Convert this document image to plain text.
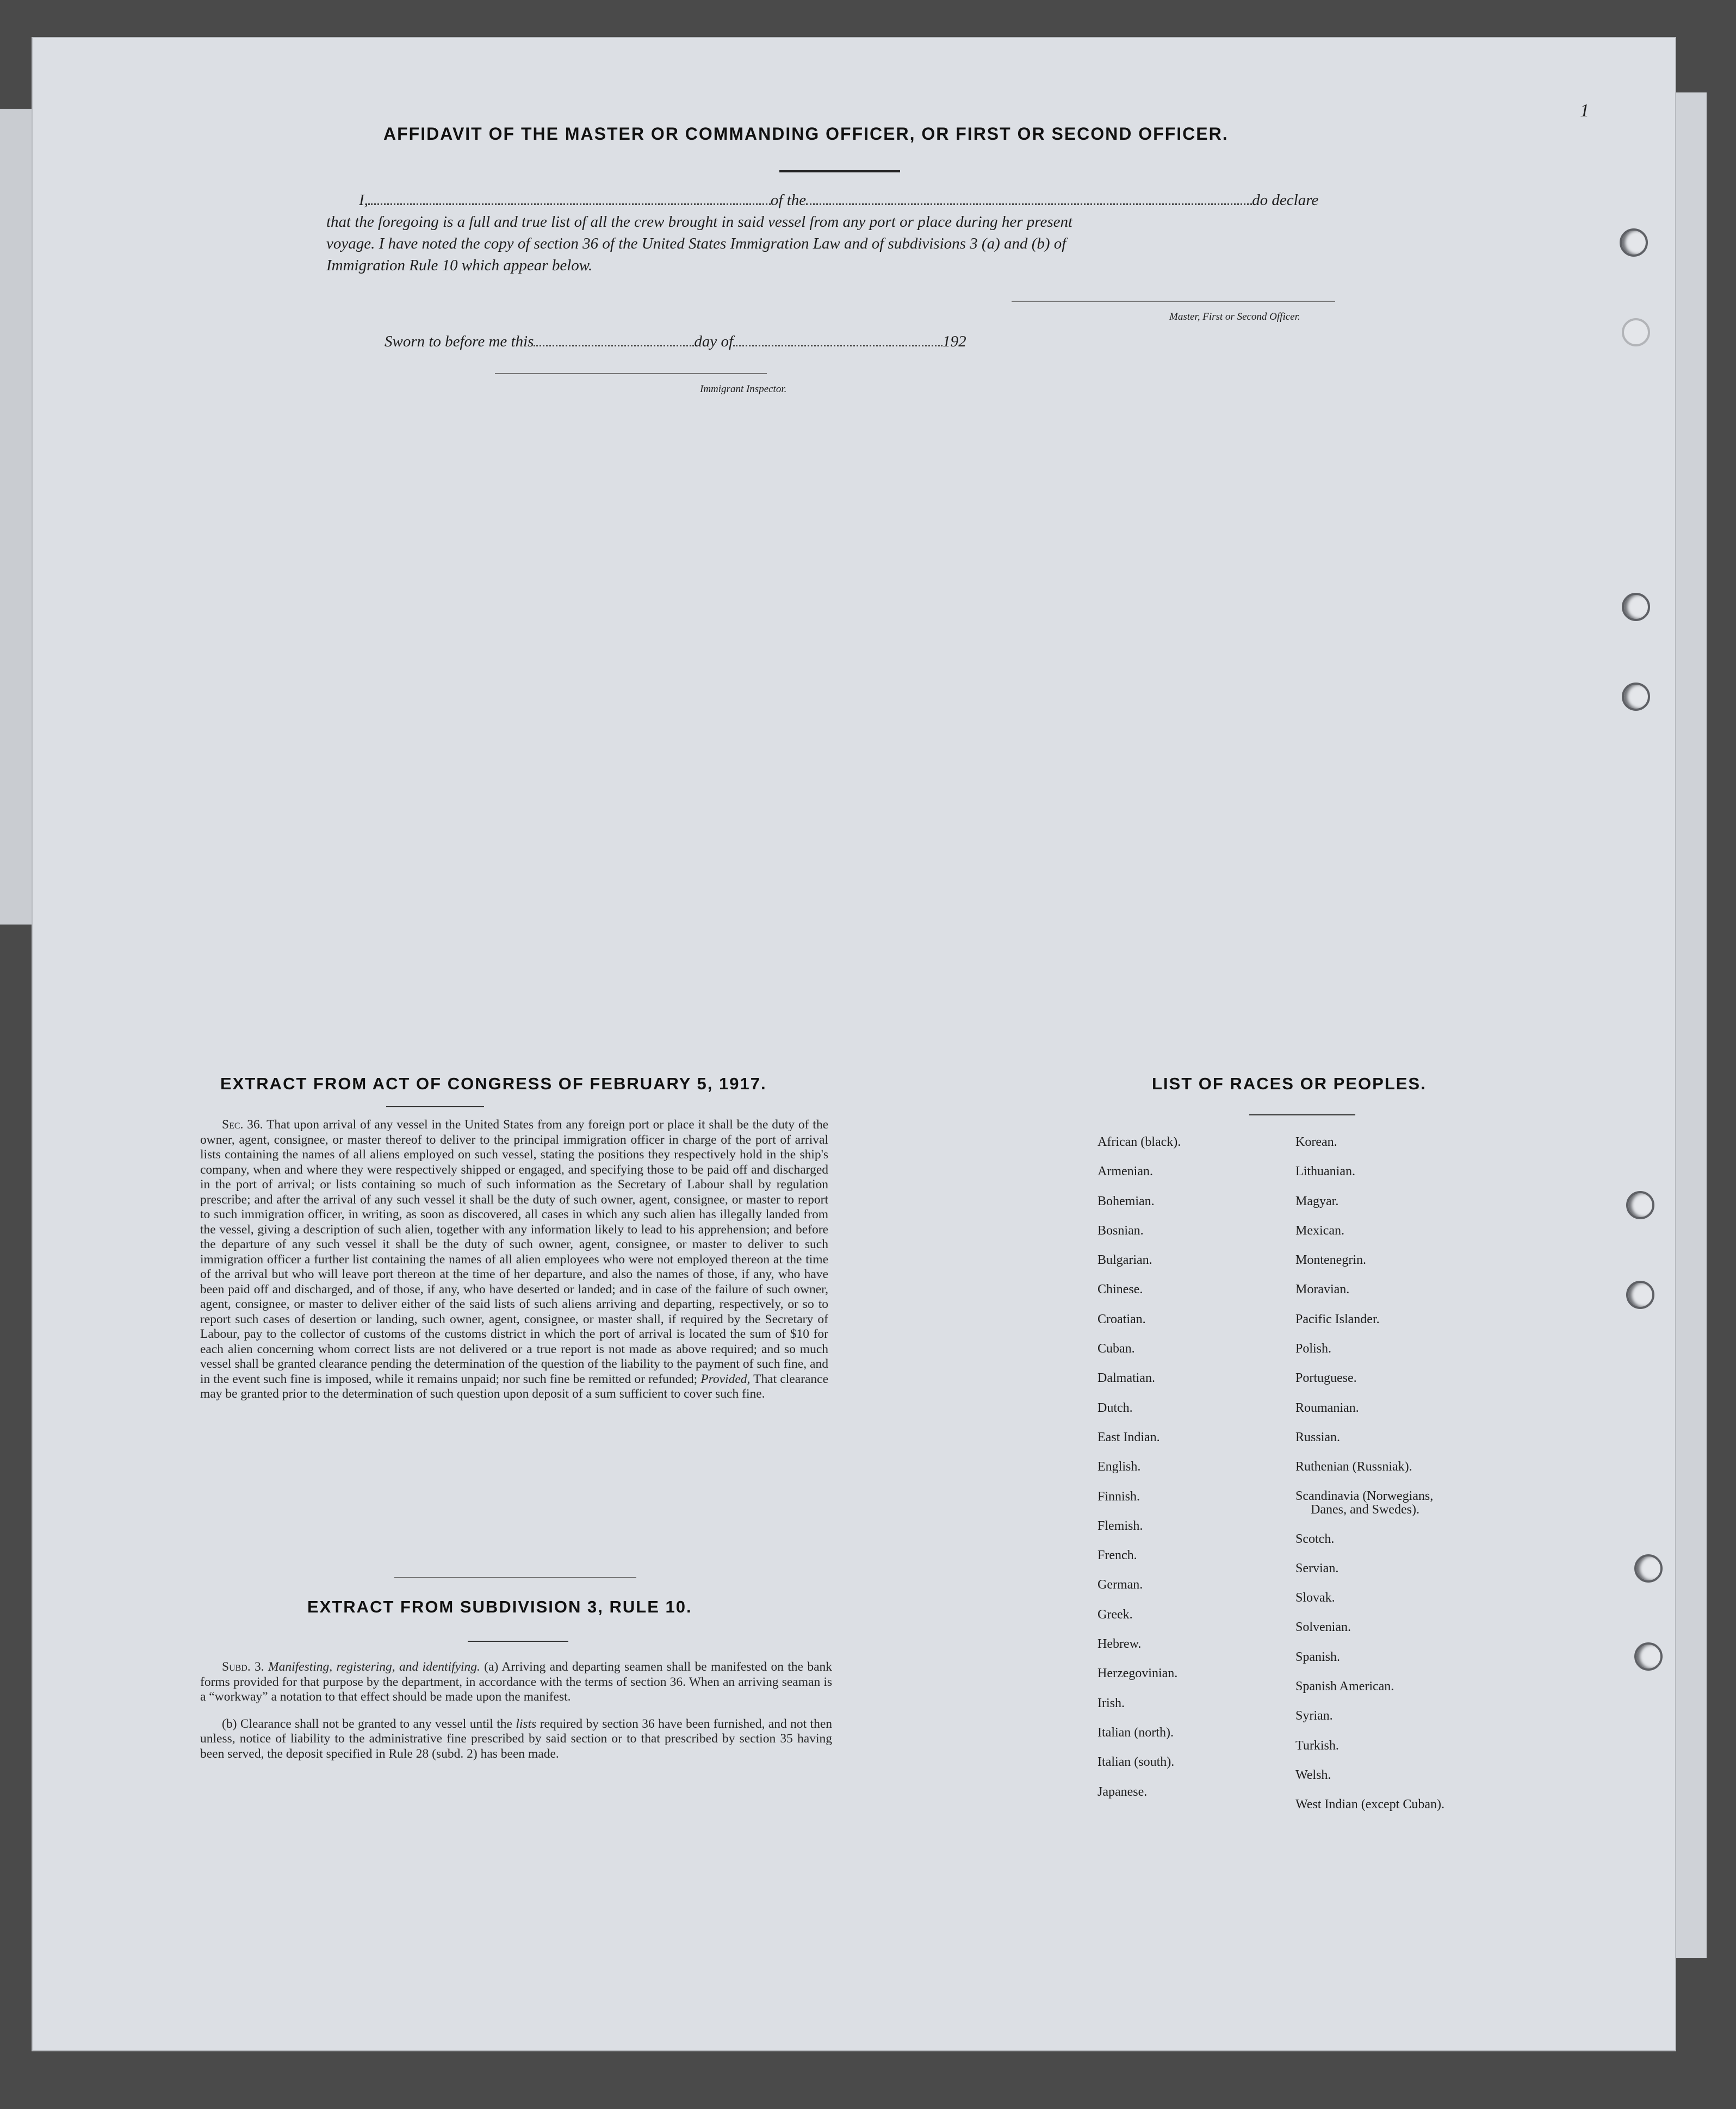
1
AFFIDAVIT OF THE MASTER OR COMMANDING OFFICER, OR FIRST OR SECOND OFFICER.
I,	of the	do declare
that the foregoing is a full and true list of all the crew brought in said vessel from any port or place during her present
voyage. I have noted the copy of section 36 of the United States Immigration Law and of subdivisions 3 (a) and (b) of
Immigration Rule 10 which appear below.
Master, First or Second Officer.
Sworn to before me this	day of	192
Immigrant Inspector.
EXTRACT FROM ACT OF CONGRESS OF FEBRUARY 5, 1917.

Sec. 36. That upon arrival of any vessel in the United States from any foreign port or place it shall be the duty of the owner, agent, consignee, or master thereof to deliver to the principal immigration officer in charge of the port of arrival lists containing the names of all aliens employed on such vessel, stating the positions they respectively hold in the ship's company, when and where they were respectively shipped or engaged, and specifying those to be paid off and discharged in the port of arrival; or lists containing so much of such information as the Secretary of Labour shall by regulation prescribe; and after the arrival of any such vessel it shall be the duty of such owner, agent, consignee, or master to report to such immigration officer, in writing, as soon as discovered, all cases in which any such alien has illegally landed from the vessel, giving a description of such alien, together with any information likely to lead to his apprehension; and before the departure of any such vessel it shall be the duty of such owner, agent, consignee, or master to deliver to such immigration officer a further list containing the names of all alien employees who were not employed thereon at the time of the arrival but who will leave port thereon at the time of her departure, and also the names of those, if any, who have been paid off and discharged, and of those, if any, who have deserted or landed; and in case of the failure of such owner, agent, consignee, or master to deliver either of the said lists of such aliens arriving and departing, respectively, or so to report such cases of desertion or landing, such owner, agent, consignee, or master shall, if required by the Secretary of Labour, pay to the collector of customs of the customs district in which the port of arrival is located the sum of $10 for each alien concerning whom correct lists are not delivered or a true report is not made as above required; and so much vessel shall be granted clearance pending the determination of the question of the liability to the payment of such fine, and in the event such fine is imposed, while it remains unpaid; nor such fine be remitted or refunded; Provided, That clearance may be granted prior to the determination of such question upon deposit of a sum sufficient to cover such fine.

EXTRACT FROM SUBDIVISION 3, RULE 10.

Subd. 3. Manifesting, registering, and identifying. (a) Arriving and departing seamen shall be manifested on the bank forms provided for that purpose by the department, in accordance with the terms of section 36. When an arriving seaman is a “workway” a notation to that effect should be made upon the manifest.

(b) Clearance shall not be granted to any vessel until the lists required by section 36 have been furnished, and not then unless, notice of liability to the administrative fine prescribed by said section or to that prescribed by section 35 having been served, the deposit specified in Rule 28 (subd. 2) has been made.

LIST OF RACES OR PEOPLES.
African (black).
Armenian.
Bohemian.
Bosnian.
Bulgarian.
Chinese.
Croatian.
Cuban.
Dalmatian.
Dutch.
East Indian.
English.
Finnish.
Flemish.
French.
German.
Greek.
Hebrew.
Herzegovinian.
Irish.
Italian (north).
Italian (south).
Japanese.
Korean.
Lithuanian.
Magyar.
Mexican.
Montenegrin.
Moravian.
Pacific Islander.
Polish.
Portuguese.
Roumanian.
Russian.
Ruthenian (Russniak).
Scandinavia (Norwegians,
Danes, and Swedes).
Scotch.
Servian.
Slovak.
Solvenian.
Spanish.
Spanish American.
Syrian.
Turkish.
Welsh.
West Indian (except Cuban).
